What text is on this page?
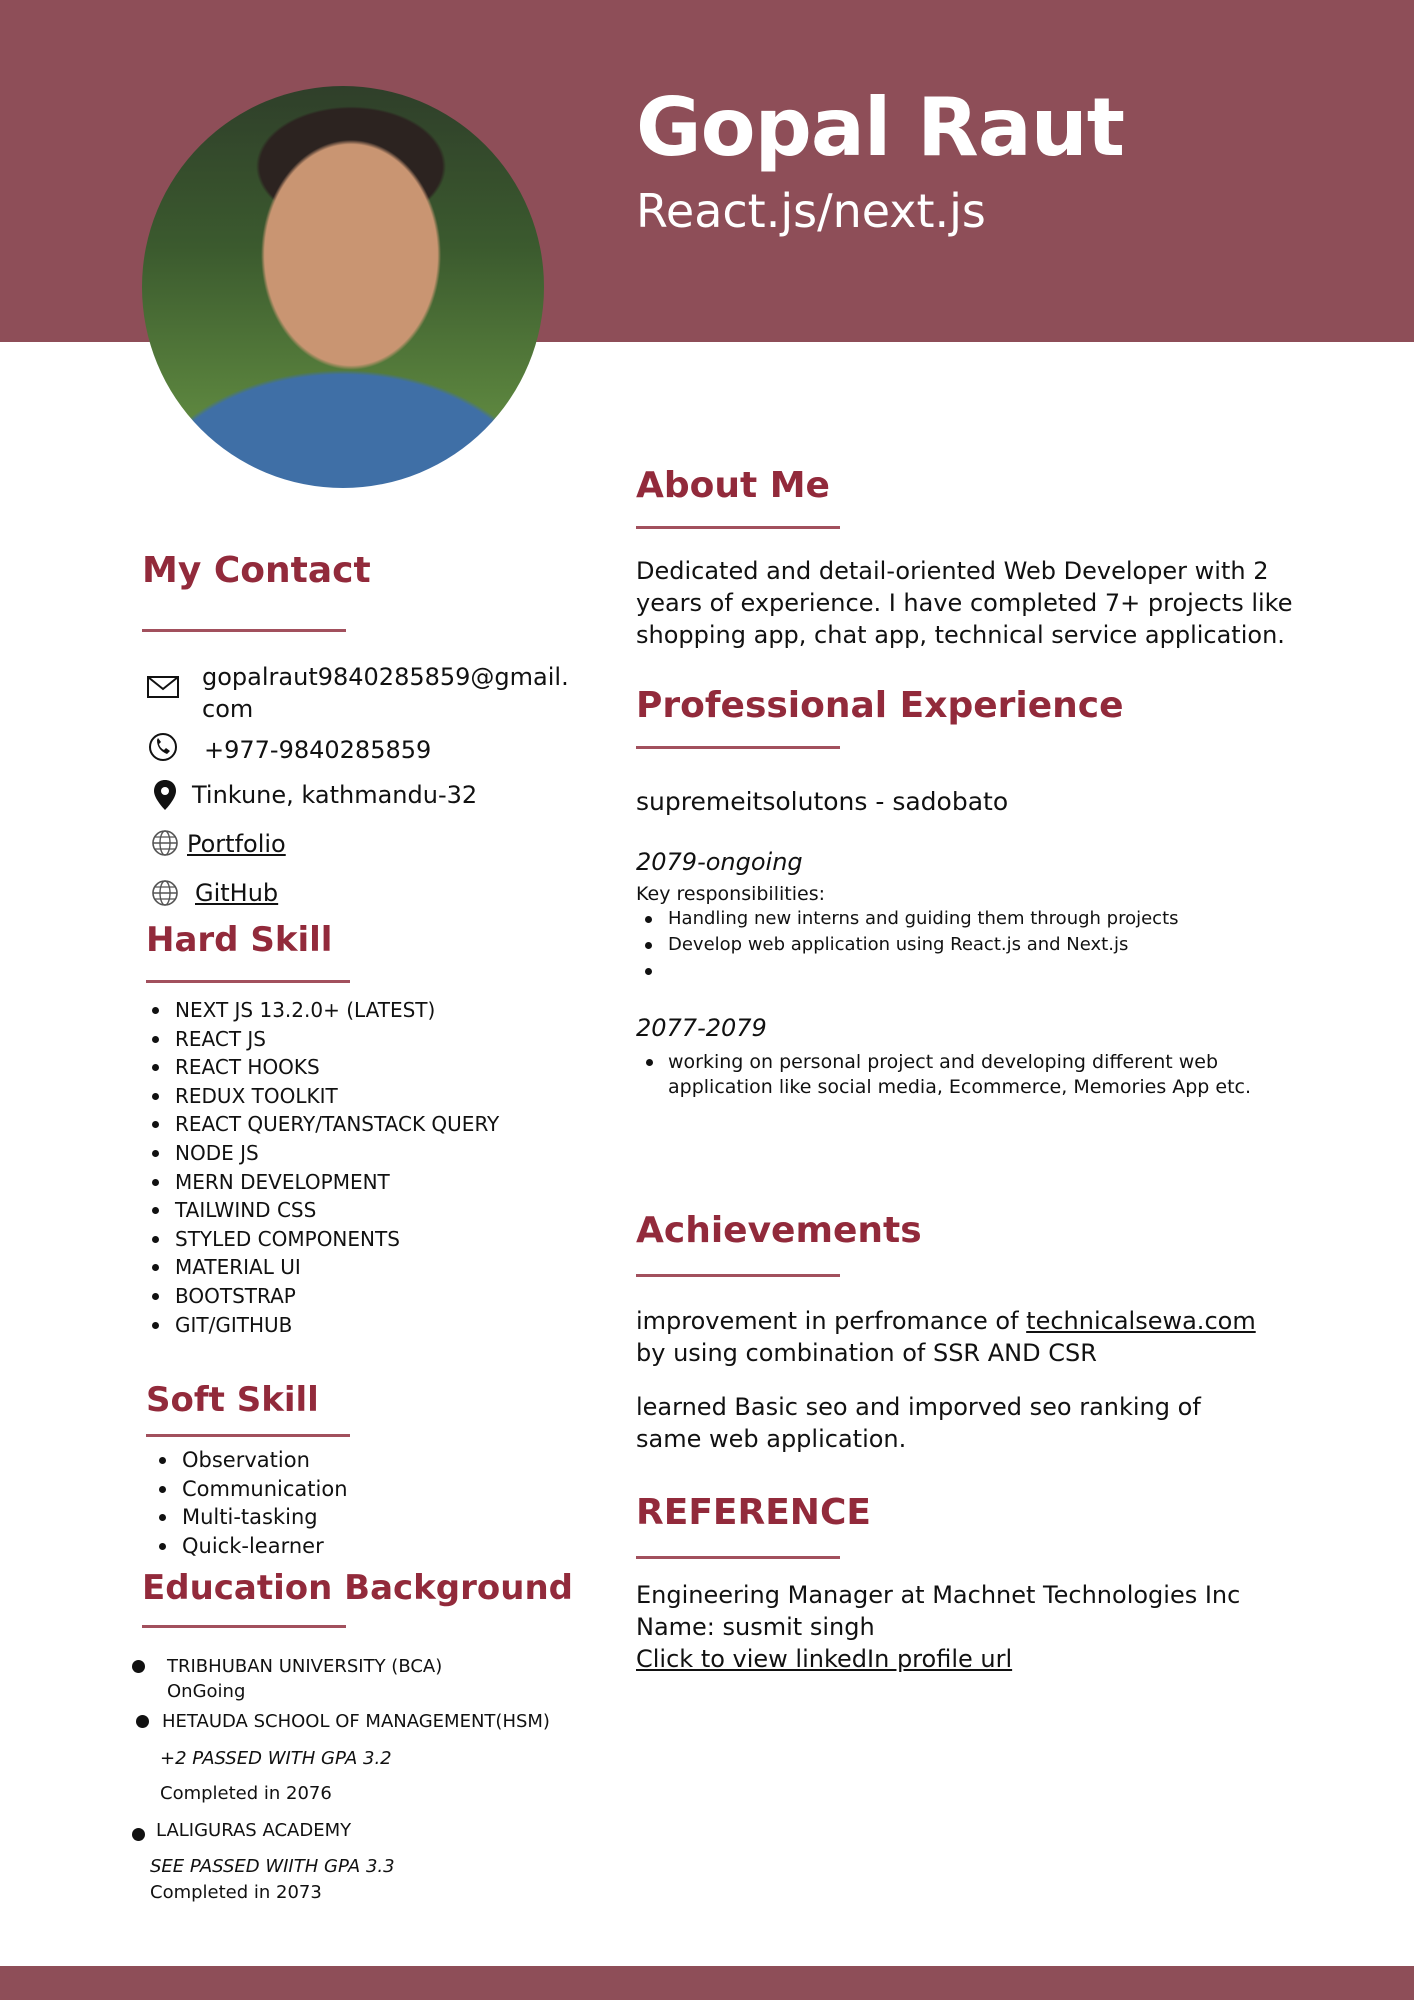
Gopal Raut
React.js/next.js
My Contact
gopalraut9840285859@gmail.
com
+977-9840285859
Tinkune, kathmandu-32
Portfolio
GitHub
Hard Skill
NEXT JS 13.2.0+ (LATEST)
REACT JS
REACT HOOKS
REDUX TOOLKIT
REACT QUERY/TANSTACK QUERY
NODE JS
MERN DEVELOPMENT
TAILWIND CSS
STYLED COMPONENTS
MATERIAL UI
BOOTSTRAP
GIT/GITHUB
Soft Skill
Observation
Communication
Multi-tasking
Quick-learner
Education Background
TRIBHUBAN UNIVERSITY (BCA)
OnGoing
HETAUDA SCHOOL OF MANAGEMENT(HSM)
+2 PASSED WITH GPA 3.2
Completed in 2076
LALIGURAS ACADEMY
SEE PASSED WIITH GPA 3.3
Completed in 2073
About Me
Dedicated and detail-oriented Web Developer with 2
years of experience. I have completed 7+ projects like
shopping app, chat app, technical service application.
Professional Experience
supremeitsolutons - sadobato
2079-ongoing
Key responsibilities:
Handling new interns and guiding them through projects
Develop web application using React.js and Next.js

2077-2079
working on personal project and developing different web
application like social media, Ecommerce, Memories App etc.
Achievements
improvement in perfromance of technicalsewa.com
by using combination of SSR AND CSR
learned Basic seo and imporved seo ranking of
same web application.
REFERENCE
Engineering Manager at Machnet Technologies Inc
Name: susmit singh
Click to view linkedIn profile url
